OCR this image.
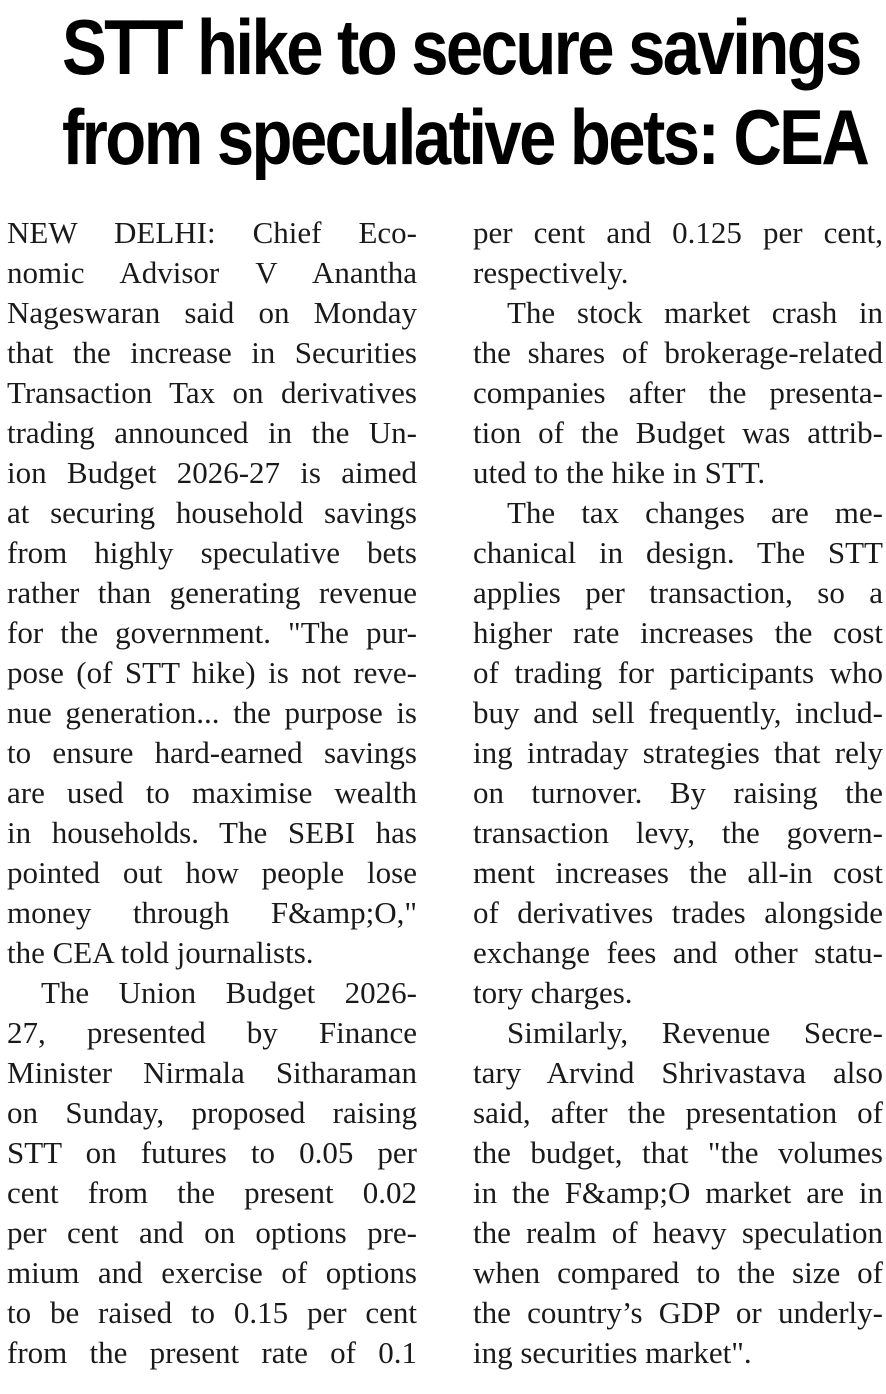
STT hike to secure savings
from speculative bets: CEA
NEW DELHI: Chief Eco-
nomic Advisor V Anantha
Nageswaran said on Monday
that the increase in Securities
Transaction Tax on derivatives
trading announced in the Un-
ion Budget 2026-27 is aimed
at securing household savings
from highly speculative bets
rather than generating revenue
for the government. "The pur-
pose (of STT hike) is not reve-
nue generation... the purpose is
to ensure hard-earned savings
are used to maximise wealth
in households. The SEBI has
pointed out how people lose
money through F&amp;O,"
the CEA told journalists.
The Union Budget 2026-
27, presented by Finance
Minister Nirmala Sitharaman
on Sunday, proposed raising
STT on futures to 0.05 per
cent from the present 0.02
per cent and on options pre-
mium and exercise of options
to be raised to 0.15 per cent
from the present rate of 0.1
per cent and 0.125 per cent,
respectively.
The stock market crash in
the shares of brokerage-related
companies after the presenta-
tion of the Budget was attrib-
uted to the hike in STT.
The tax changes are me-
chanical in design. The STT
applies per transaction, so a
higher rate increases the cost
of trading for participants who
buy and sell frequently, includ-
ing intraday strategies that rely
on turnover. By raising the
transaction levy, the govern-
ment increases the all-in cost
of derivatives trades alongside
exchange fees and other statu-
tory charges.
Similarly, Revenue Secre-
tary Arvind Shrivastava also
said, after the presentation of
the budget, that "the volumes
in the F&amp;O market are in
the realm of heavy speculation
when compared to the size of
the country’s GDP or underly-
ing securities market".
